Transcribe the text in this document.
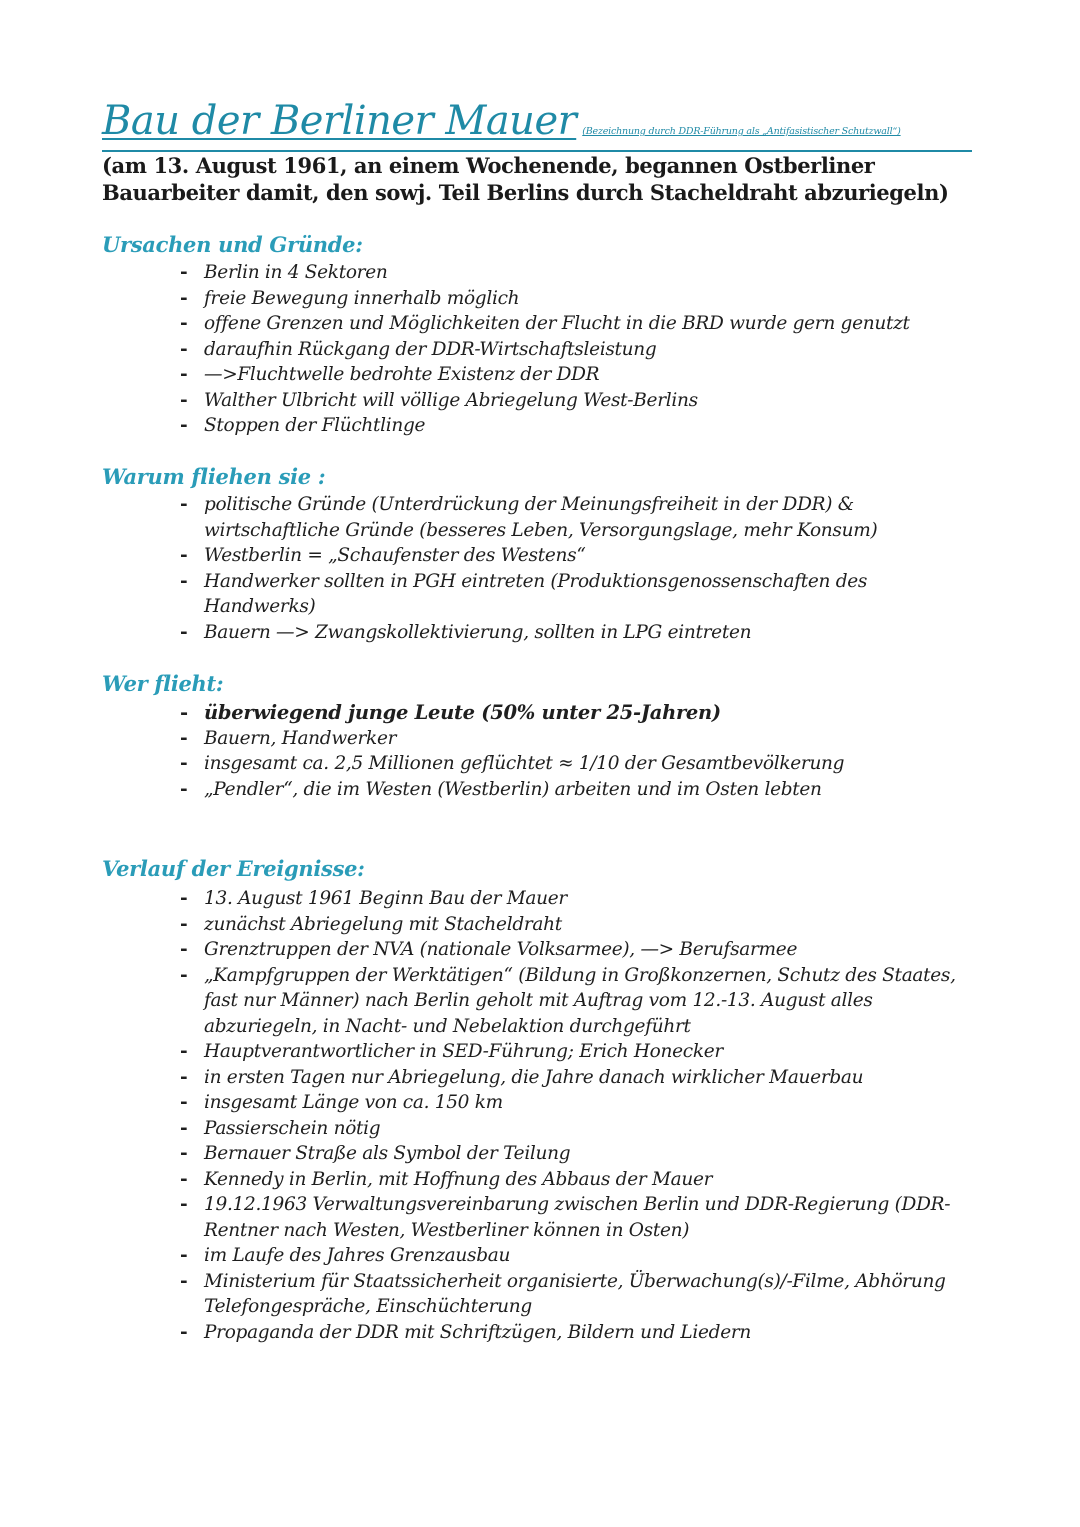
Bau der Berliner Mauer (Bezeichnung durch DDR-Führung als „Antifasistischer Schutzwall“)
(am 13. August 1961, an einem Wochenende, begannen Ostberliner Bauarbeiter damit, den sowj. Teil Berlins durch Stacheldraht abzuriegeln)
Ursachen und Gründe:
- Berlin in 4 Sektoren
- freie Bewegung innerhalb möglich
- offene Grenzen und Möglichkeiten der Flucht in die BRD wurde gern genutzt
- daraufhin Rückgang der DDR-Wirtschaftsleistung
- —>Fluchtwelle bedrohte Existenz der DDR
- Walther Ulbricht will völlige Abriegelung West-Berlins
- Stoppen der Flüchtlinge
Warum fliehen sie :
- politische Gründe (Unterdrückung der Meinungsfreiheit in der DDR) & wirtschaftliche Gründe (besseres Leben, Versorgungslage, mehr Konsum)
- Westberlin = „Schaufenster des Westens“
- Handwerker sollten in PGH eintreten (Produktionsgenossenschaften des Handwerks)
- Bauern —> Zwangskollektivierung, sollten in LPG eintreten
Wer flieht:
- überwiegend junge Leute (50% unter 25-Jahren)
- Bauern, Handwerker
- insgesamt ca. 2,5 Millionen geflüchtet ≈ 1/10 der Gesamtbevölkerung
- „Pendler“, die im Westen (Westberlin) arbeiten und im Osten lebten
Verlauf der Ereignisse:
- 13. August 1961 Beginn Bau der Mauer
- zunächst Abriegelung mit Stacheldraht
- Grenztruppen der NVA (nationale Volksarmee), —> Berufsarmee
- „Kampfgruppen der Werktätigen“ (Bildung in Großkonzernen, Schutz des Staates, fast nur Männer) nach Berlin geholt mit Auftrag vom 12.-13. August alles abzuriegeln, in Nacht- und Nebelaktion durchgeführt
- Hauptverantwortlicher in SED-Führung; Erich Honecker
- in ersten Tagen nur Abriegelung, die Jahre danach wirklicher Mauerbau
- insgesamt Länge von ca. 150 km
- Passierschein nötig
- Bernauer Straße als Symbol der Teilung
- Kennedy in Berlin, mit Hoffnung des Abbaus der Mauer
- 19.12.1963 Verwaltungsvereinbarung zwischen Berlin und DDR-Regierung (DDR-Rentner nach Westen, Westberliner können in Osten)
- im Laufe des Jahres Grenzausbau
- Ministerium für Staatssicherheit organisierte, Überwachung(s)/-Filme, Abhörung Telefongespräche, Einschüchterung
- Propaganda der DDR mit Schriftzügen, Bildern und Liedern
